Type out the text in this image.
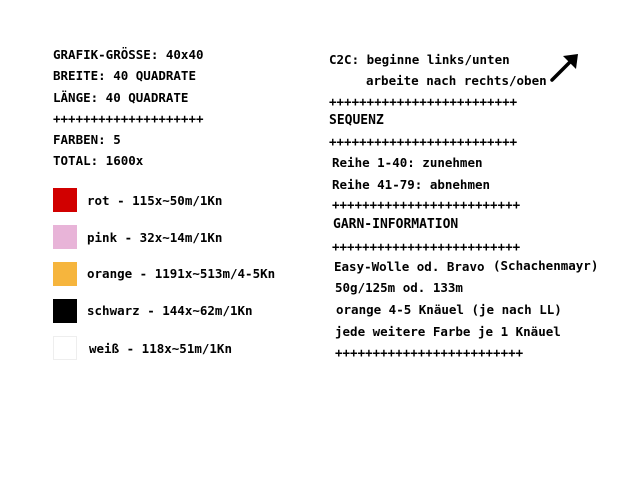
GRAFIK-GRÖSSE: 40x40
BREITE: 40 QUADRATE
LÄNGE: 40 QUADRATE
++++++++++++++++++++
FARBEN: 5
TOTAL: 1600x
rot - 115x~50m/1Kn
pink - 32x~14m/1Kn
orange - 1191x~513m/4-5Kn
schwarz - 144x~62m/1Kn
weiß - 118x~51m/1Kn
C2C: beginne links/unten
arbeite nach rechts/oben
+++++++++++++++++++++++++
SEQUENZ
+++++++++++++++++++++++++
Reihe 1-40: zunehmen
Reihe 41-79: abnehmen
+++++++++++++++++++++++++
GARN-INFORMATION
+++++++++++++++++++++++++
Easy-Wolle od. Bravo (Schachenmayr)
50g/125m od. 133m
orange 4-5 Knäuel (je nach LL)
jede weitere Farbe je 1 Knäuel
+++++++++++++++++++++++++
